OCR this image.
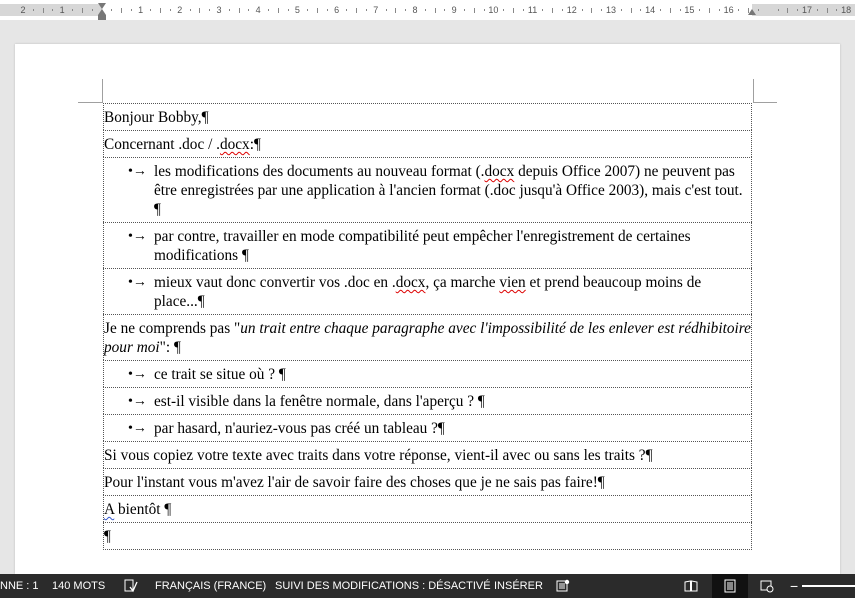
2	1	1	2	3	4	5	6	7	8	9	10	11	12	13	14	15	16	17	18
Bonjour Bobby,¶
Concernant .doc / .docx:¶
•→ les modifications des documents au nouveau format (.docx depuis Office 2007) ne peuvent pas être enregistrées par une application à l'ancien format (.doc jusqu'à Office 2003), mais c'est tout. ¶
•→ par contre, travailler en mode compatibilité peut empêcher l'enregistrement de certaines modifications ¶
•→ mieux vaut donc convertir vos .doc en .docx, ça marche vien et prend beaucoup moins de place...¶
Je ne comprends pas "un trait entre chaque paragraphe avec l'impossibilité de les enlever est rédhibitoire pour moi": ¶
•→ ce trait se situe où ? ¶
•→ est-il visible dans la fenêtre normale, dans l'aperçu ? ¶
•→ par hasard, n'auriez-vous pas créé un tableau ?¶
Si vous copiez votre texte avec traits dans votre réponse, vient-il avec ou sans les traits ?¶
Pour l'instant vous m'avez l'air de savoir faire des choses que je ne sais pas faire!¶
A bientôt ¶
¶
NNE : 1 140 MOTS	FRANÇAIS (FRANCE) SUIVI DES MODIFICATIONS : DÉSACTIVÉ INSÉRER	−
